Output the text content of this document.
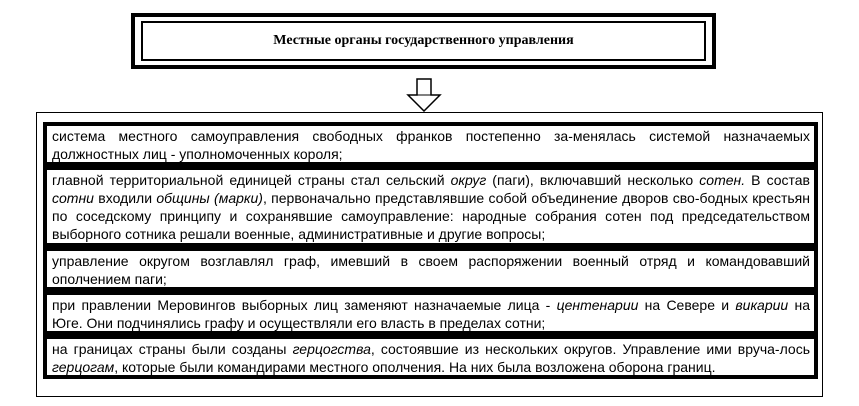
Местные органы государственного управления
система местного самоуправления свободных франков постепенно за-менялась системой назначаемых должностных лиц - уполномоченных короля;
главной территориальной единицей страны стал сельский округ (паги), включавший несколько сотен. В состав сотни входили общины (марки), первоначально представлявшие собой объединение дворов сво-бодных крестьян по соседскому принципу и сохранявшие самоуправление: народные собрания сотен под председательством выборного сотника решали военные, административные и другие вопросы;
управление округом возглавлял граф, имевший в своем распоряжении военный отряд и командовавший ополчением паги;
при правлении Меровингов выборных лиц заменяют назначаемые лица - центенарии на Севере и викарии на Юге. Они подчинялись графу и осуществляли его власть в пределах сотни;
на границах страны были созданы герцогства, состоявшие из нескольких округов. Управление ими вруча-лось герцогам, которые были командирами местного ополчения. На них была возложена оборона границ.
